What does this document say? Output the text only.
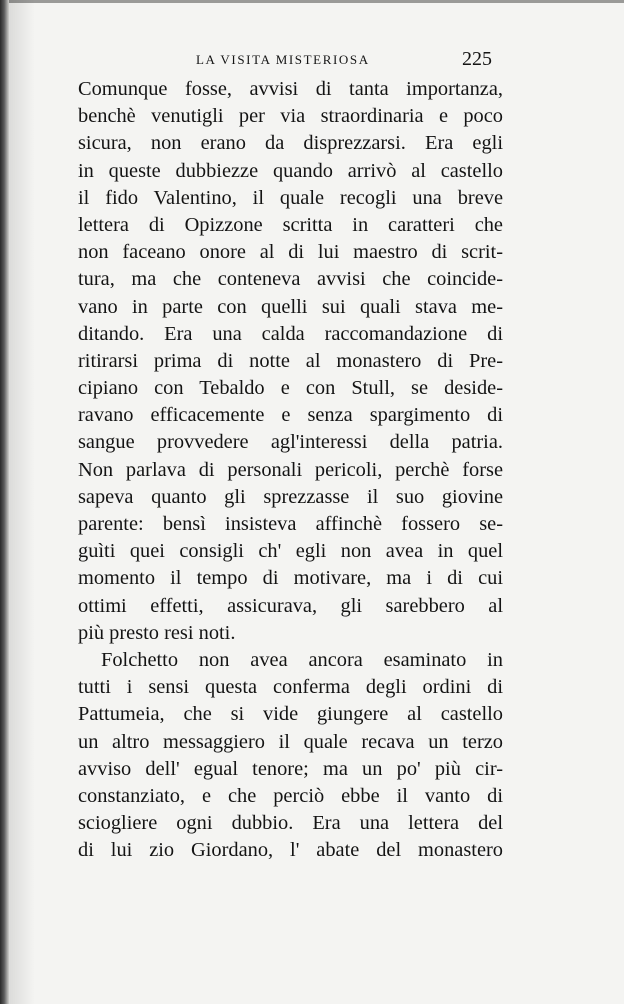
LA VISITA MISTERIOSA	225
Comunque fosse, avvisi di tanta importanza,
benchè venutigli per via straordinaria e poco
sicura, non erano da disprezzarsi. Era egli
in queste dubbiezze quando arrivò al castello
il fido Valentino, il quale recogli una breve
lettera di Opizzone scritta in caratteri che
non faceano onore al di lui maestro di scrit-
tura, ma che conteneva avvisi che coincide-
vano in parte con quelli sui quali stava me-
ditando. Era una calda raccomandazione di
ritirarsi prima di notte al monastero di Pre-
cipiano con Tebaldo e con Stull, se deside-
ravano efficacemente e senza spargimento di
sangue provvedere agl'interessi della patria.
Non parlava di personali pericoli, perchè forse
sapeva quanto gli sprezzasse il suo giovine
parente: bensì insisteva affinchè fossero se-
guìti quei consigli ch' egli non avea in quel
momento il tempo di motivare, ma i di cui
ottimi effetti, assicurava, gli sarebbero al
più presto resi noti.
Folchetto non avea ancora esaminato in
tutti i sensi questa conferma degli ordini di
Pattumeia, che si vide giungere al castello
un altro messaggiero il quale recava un terzo
avviso dell' egual tenore; ma un po' più cir-
constanziato, e che perciò ebbe il vanto di
sciogliere ogni dubbio. Era una lettera del
di lui zio Giordano, l' abate del monastero
